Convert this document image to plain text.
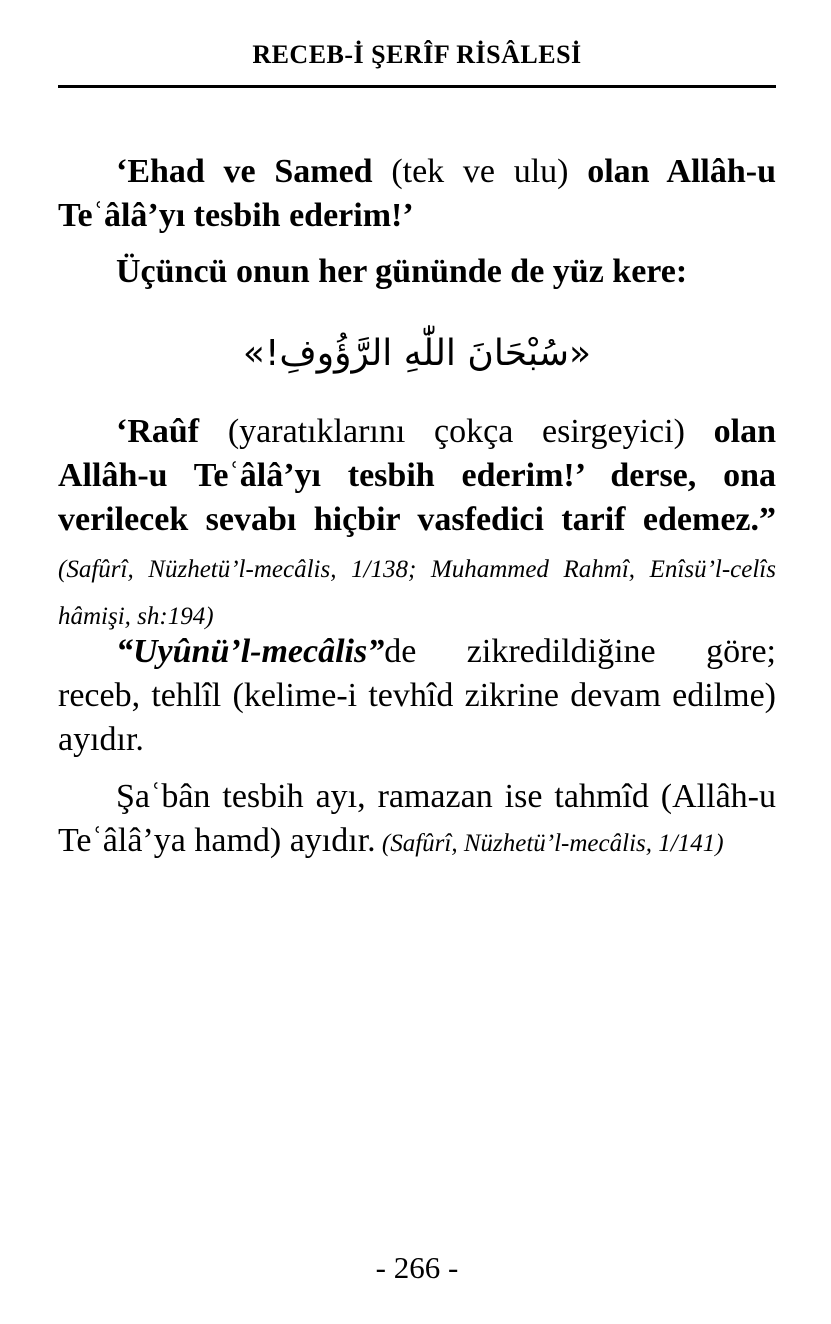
RECEB-İ ŞERÎF RİSÂLESİ
‘Ehad ve Samed (tek ve ulu) olan Allâh-u Teʿâlâ’yı tesbih ederim!’
Üçüncü onun her gününde de yüz kere:
«سُبْحَانَ اللّٰهِ الرَّؤُوفِ!»
‘Raûf (yaratıklarını çokça esirgeyici) olan Allâh-u Teʿâlâ’yı tesbih ederim!’ derse, ona verilecek sevabı hiçbir vasfedici tarif edemez.” (Safûrî, Nüzhetü’l-mecâlis, 1/138; Muhammed Rahmî, Enîsü’l-celîs hâmişi, sh:194)
“Uyûnü’l-mecâlis”de zikredildiğine göre; receb, tehlîl (kelime-i tevhîd zikrine devam edilme) ayıdır.
Şaʿbân tesbih ayı, ramazan ise tahmîd (Allâh-u Teʿâlâ’ya hamd) ayıdır. (Safûrî, Nüzhetü’l-mecâlis, 1/141)
- 266 -
